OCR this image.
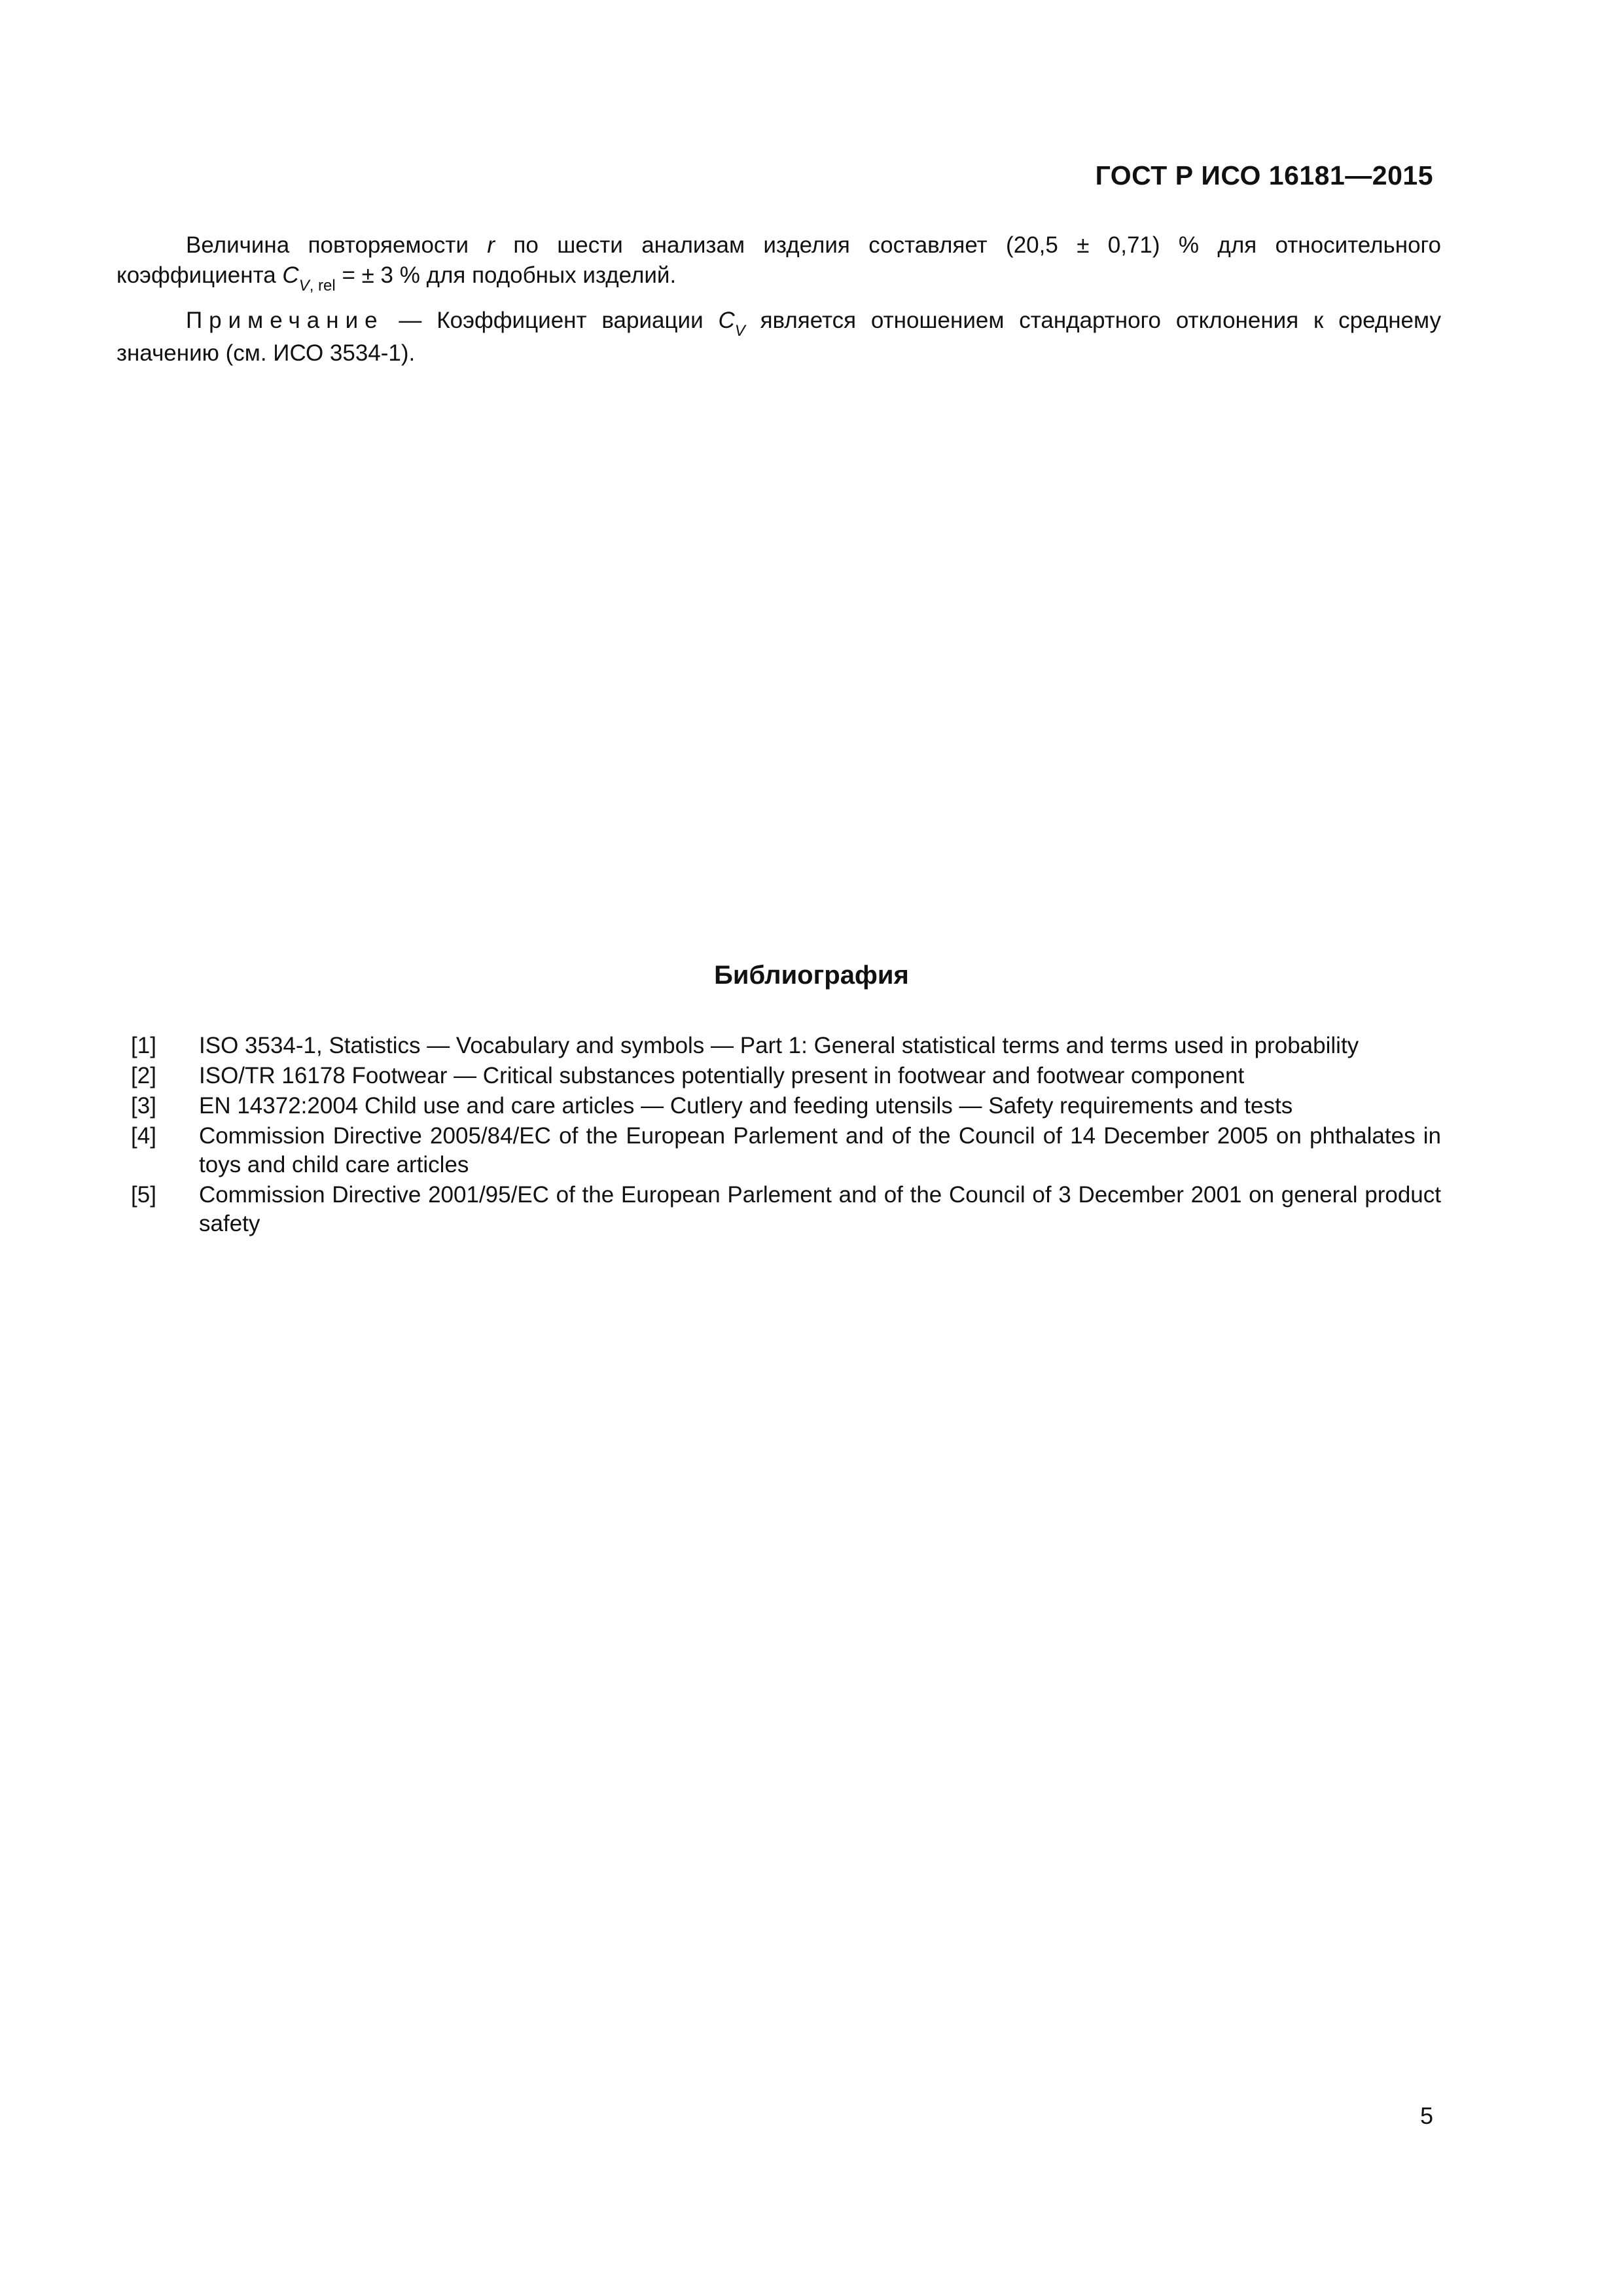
ГОСТ Р ИСО 16181—2015

Величина повторяемости r по шести анализам изделия составляет (20,5 ± 0,71) % для относительного коэффициента $C_{V, rel}$ = ± 3 % для подобных изделий.

Примечание — Коэффициент вариации $C_V$ является отношением стандартного отклонения к среднему значению (см. ИСО 3534-1).

Библиография
[1]	ISO 3534-1, Statistics — Vocabulary and symbols — Part 1: General statistical terms and terms used in probability
[2]	ISO/TR 16178 Footwear — Critical substances potentially present in footwear and footwear component
[3]	EN 14372:2004 Child use and care articles — Cutlery and feeding utensils — Safety requirements and tests
[4]	Commission Directive 2005/84/EC of the European Parlement and of the Council of 14 December 2005 on phthalates in toys and child care articles
[5]	Commission Directive 2001/95/EC of the European Parlement and of the Council of 3 December 2001 on general product safety
5
